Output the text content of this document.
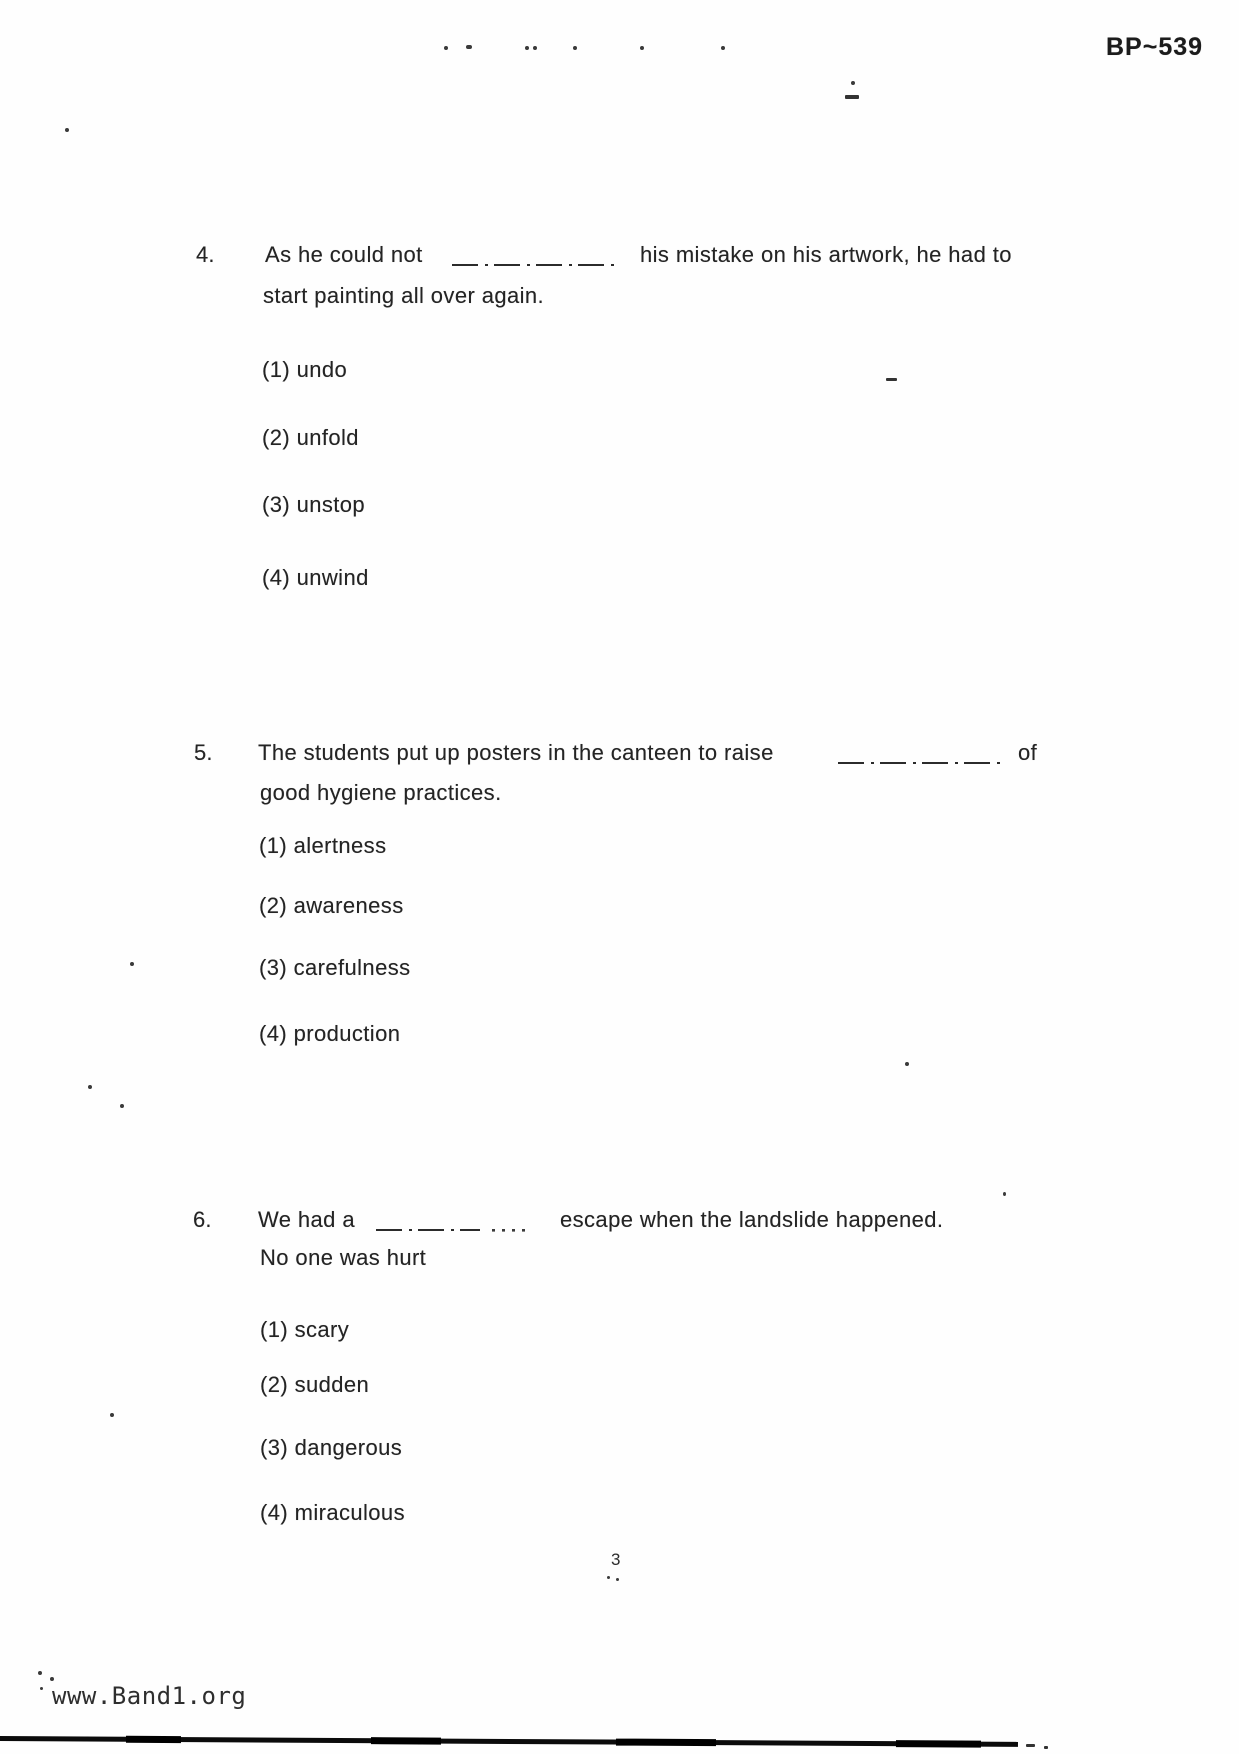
BP~539
4. As he could not	his mistake on his artwork, he had to
start painting all over again.
(1) undo
(2) unfold
(3) unstop
(4) unwind
5. The students put up posters in the canteen to raise	of
good hygiene practices.
(1) alertness
(2) awareness
(3) carefulness
(4) production
6. We had a	escape when the landslide happened.
No one was hurt
(1) scary
(2) sudden
(3) dangerous
(4) miraculous
3
www.Band1.org
